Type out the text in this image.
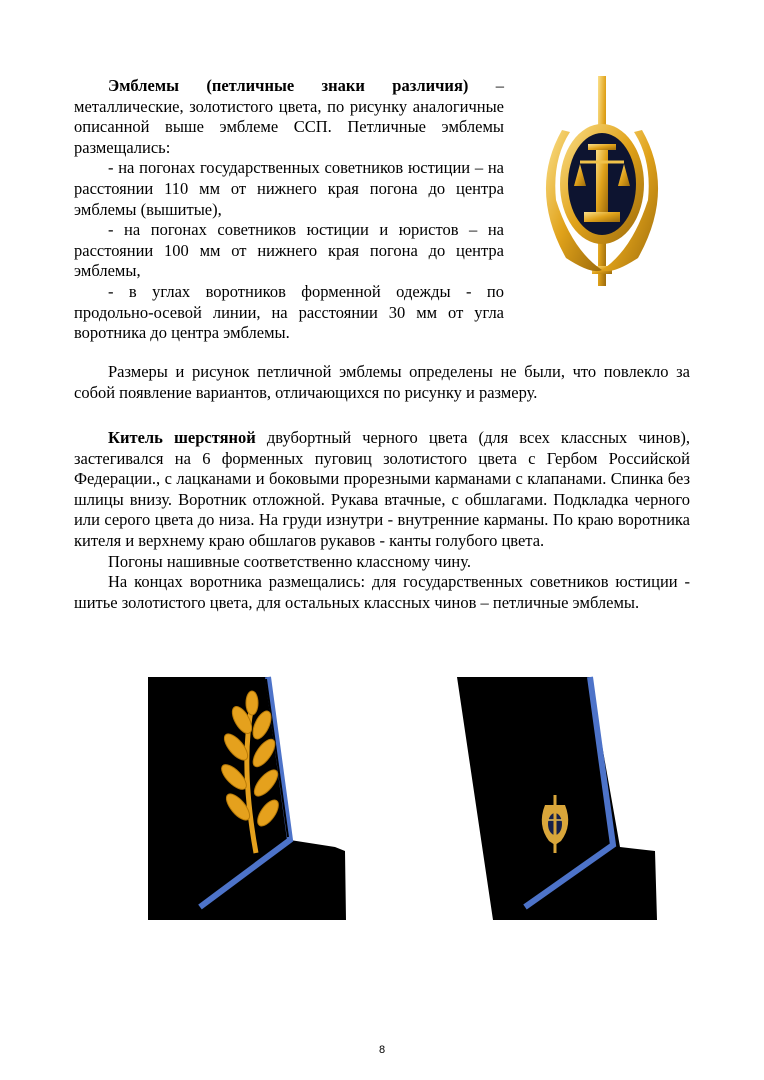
Эмблемы (петличные знаки различия) – металлические, золотистого цвета, по рисунку аналогичные описанной выше эмблеме ССП. Петличные эмблемы размещались:
- на погонах государственных советников юстиции – на расстоянии 110 мм от нижнего края погона до центра эмблемы (вышитые),
- на погонах советников юстиции и юристов – на расстоянии 100 мм от нижнего края погона до центра эмблемы,
- в углах воротников форменной одежды - по продольно-осевой линии, на расстоянии 30 мм от угла воротника до центра эмблемы.
Размеры и рисунок петличной эмблемы определены не были, что повлекло за собой появление вариантов, отличающихся по рисунку и размеру.
Китель шерстяной двубортный черного цвета (для всех классных чинов), застегивался на 6 форменных пуговиц золотистого цвета с Гербом Российской Федерации., с лацканами и боковыми прорезными карманами с клапанами. Спинка без шлицы внизу. Воротник отложной. Рукава втачные, с обшлагами. Подкладка черного или серого цвета до низа. На груди изнутри - внутренние карманы. По краю воротника кителя и верхнему краю обшлагов рукавов - канты голубого цвета.
Погоны нашивные соответственно классному чину.
На концах воротника размещались: для государственных советников юстиции - шитье золотистого цвета, для остальных классных чинов – петличные эмблемы.
8
